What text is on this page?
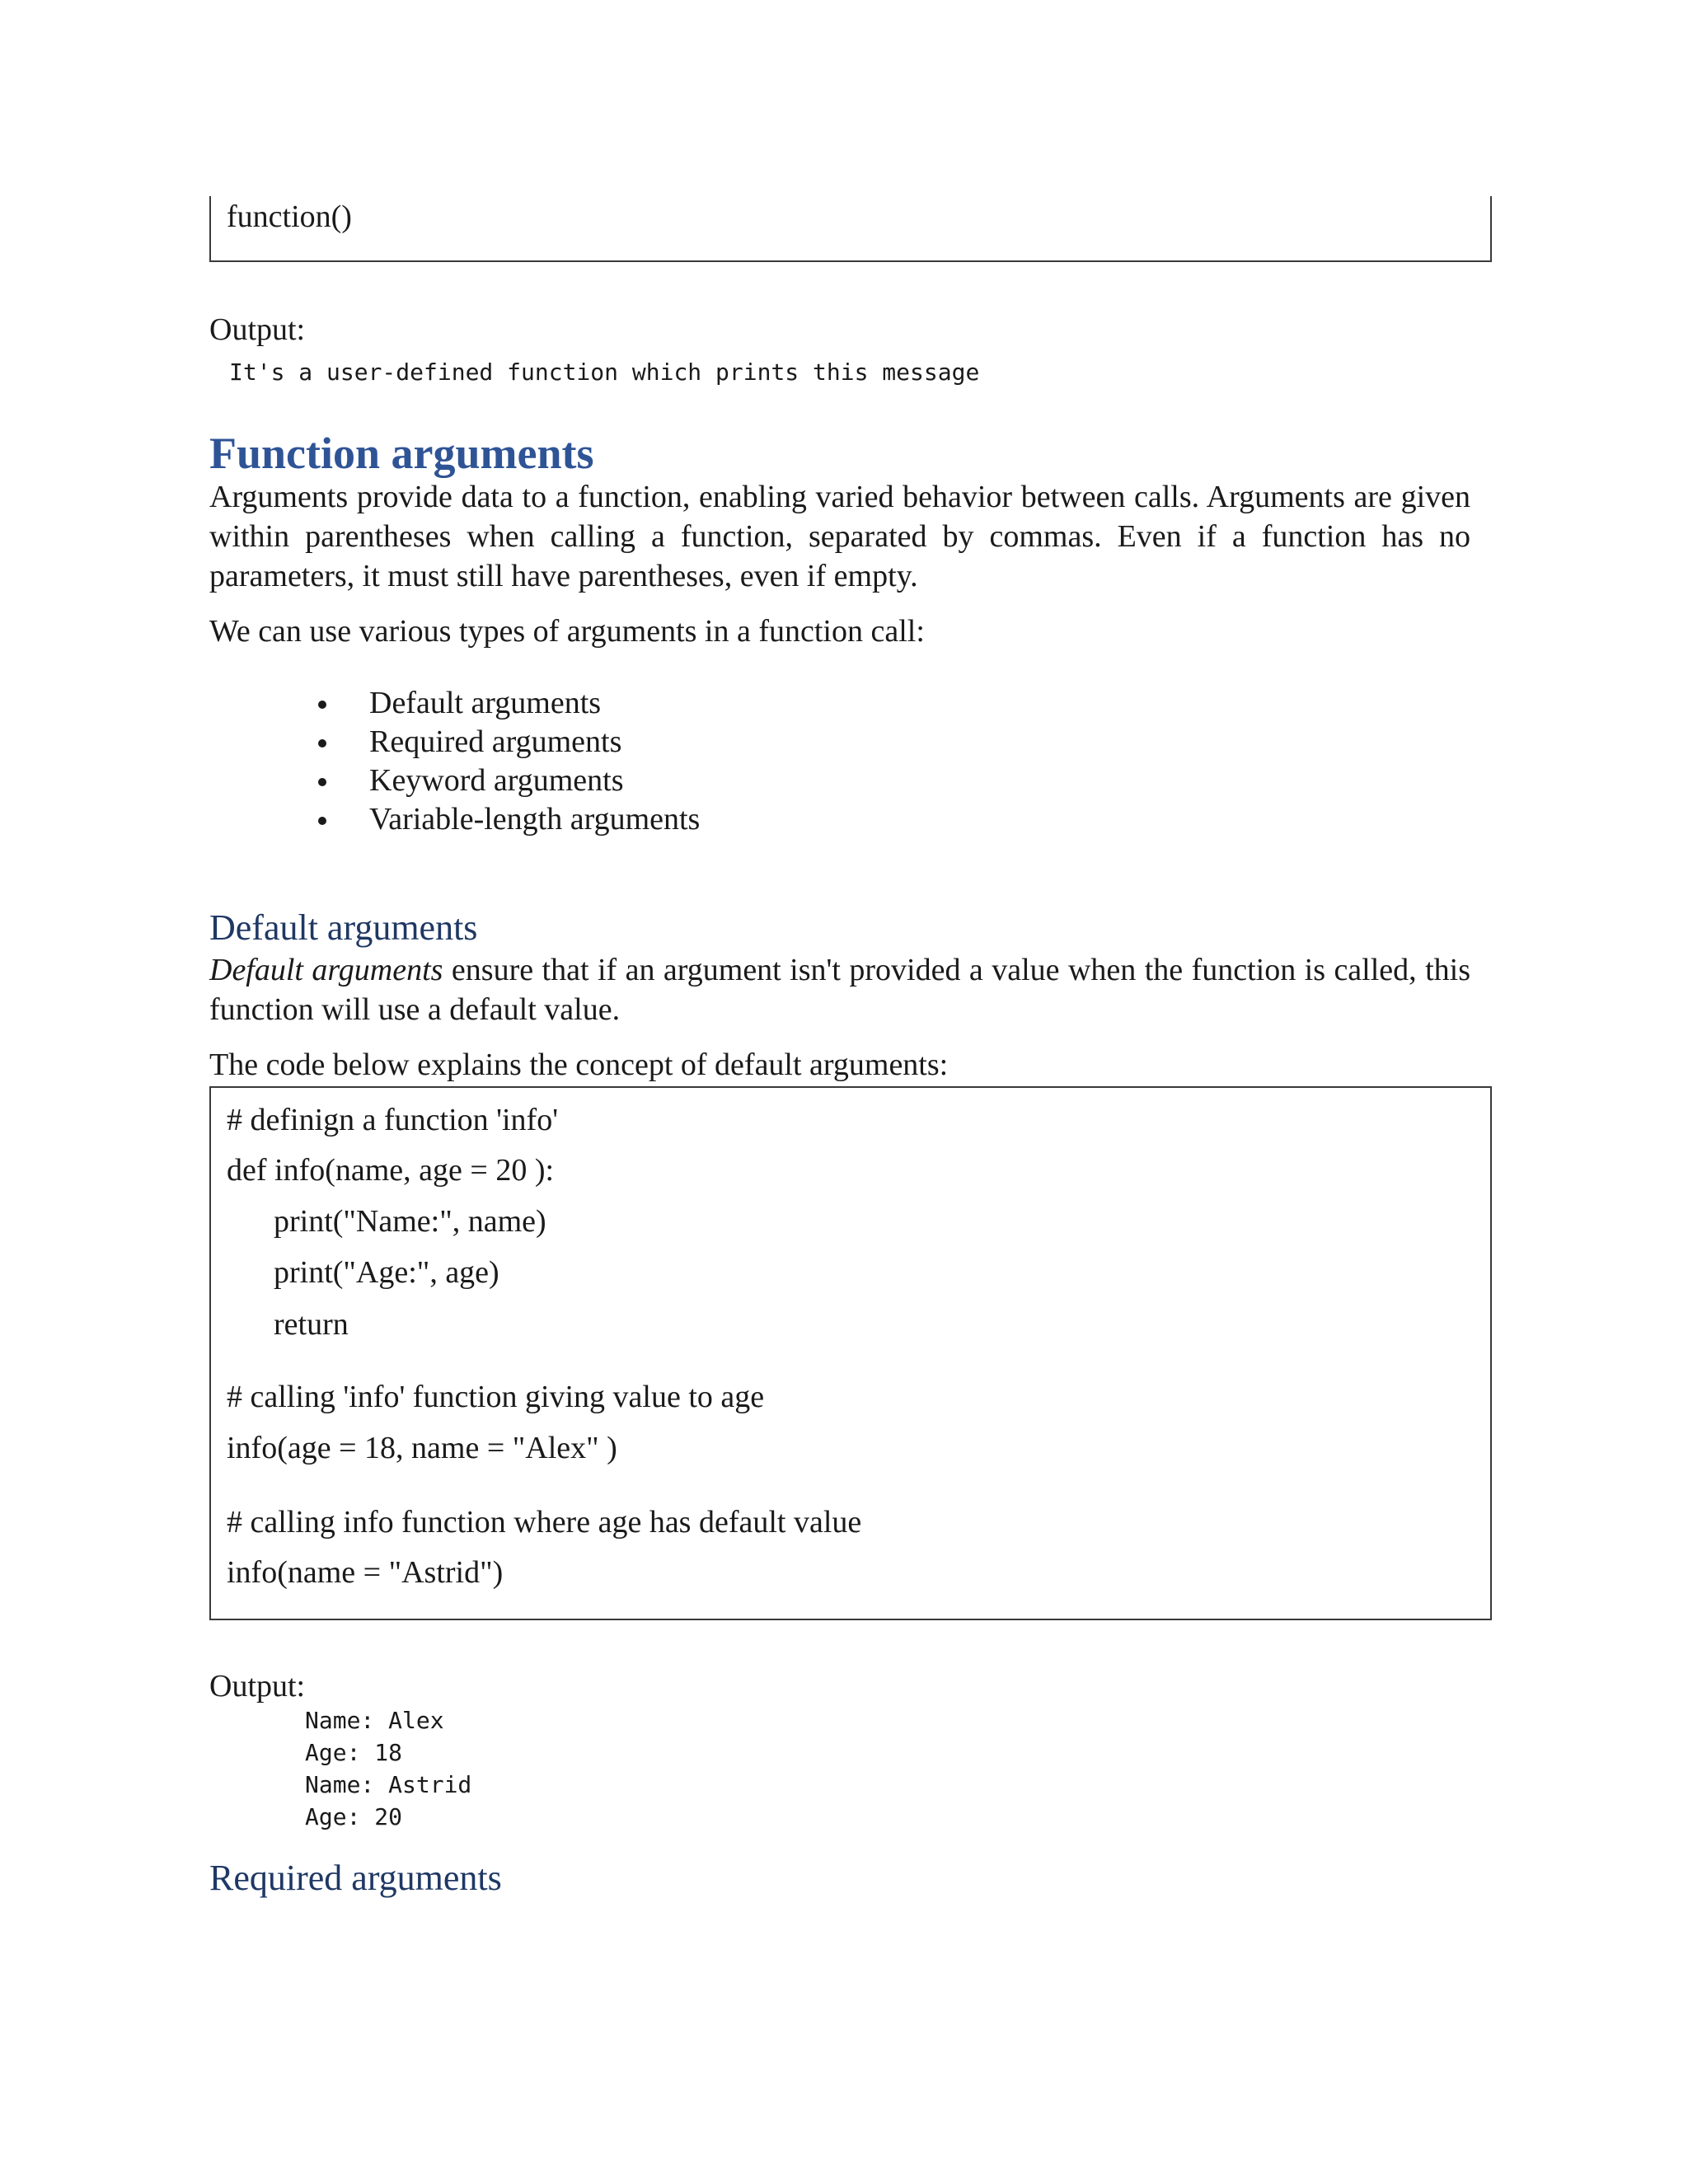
function()
Output:
It's a user-defined function which prints this message
Function arguments
Arguments provide data to a function, enabling varied behavior between calls. Arguments are given within parentheses when calling a function, separated by commas. Even if a function has no parameters, it must still have parentheses, even if empty.
We can use various types of arguments in a function call:
Default arguments
Required arguments
Keyword arguments
Variable-length arguments
Default arguments
Default arguments ensure that if an argument isn't provided a value when the function is called, this function will use a default value.
The code below explains the concept of default arguments:
# definign a function 'info'
def info(name, age = 20 ):
print("Name:", name)
print("Age:", age)
return
# calling 'info' function giving value to age
info(age = 18, name = "Alex" )
# calling info function where age has default value
info(name = "Astrid")
Output:
Name: Alex
Age: 18
Name: Astrid
Age: 20
Required arguments
